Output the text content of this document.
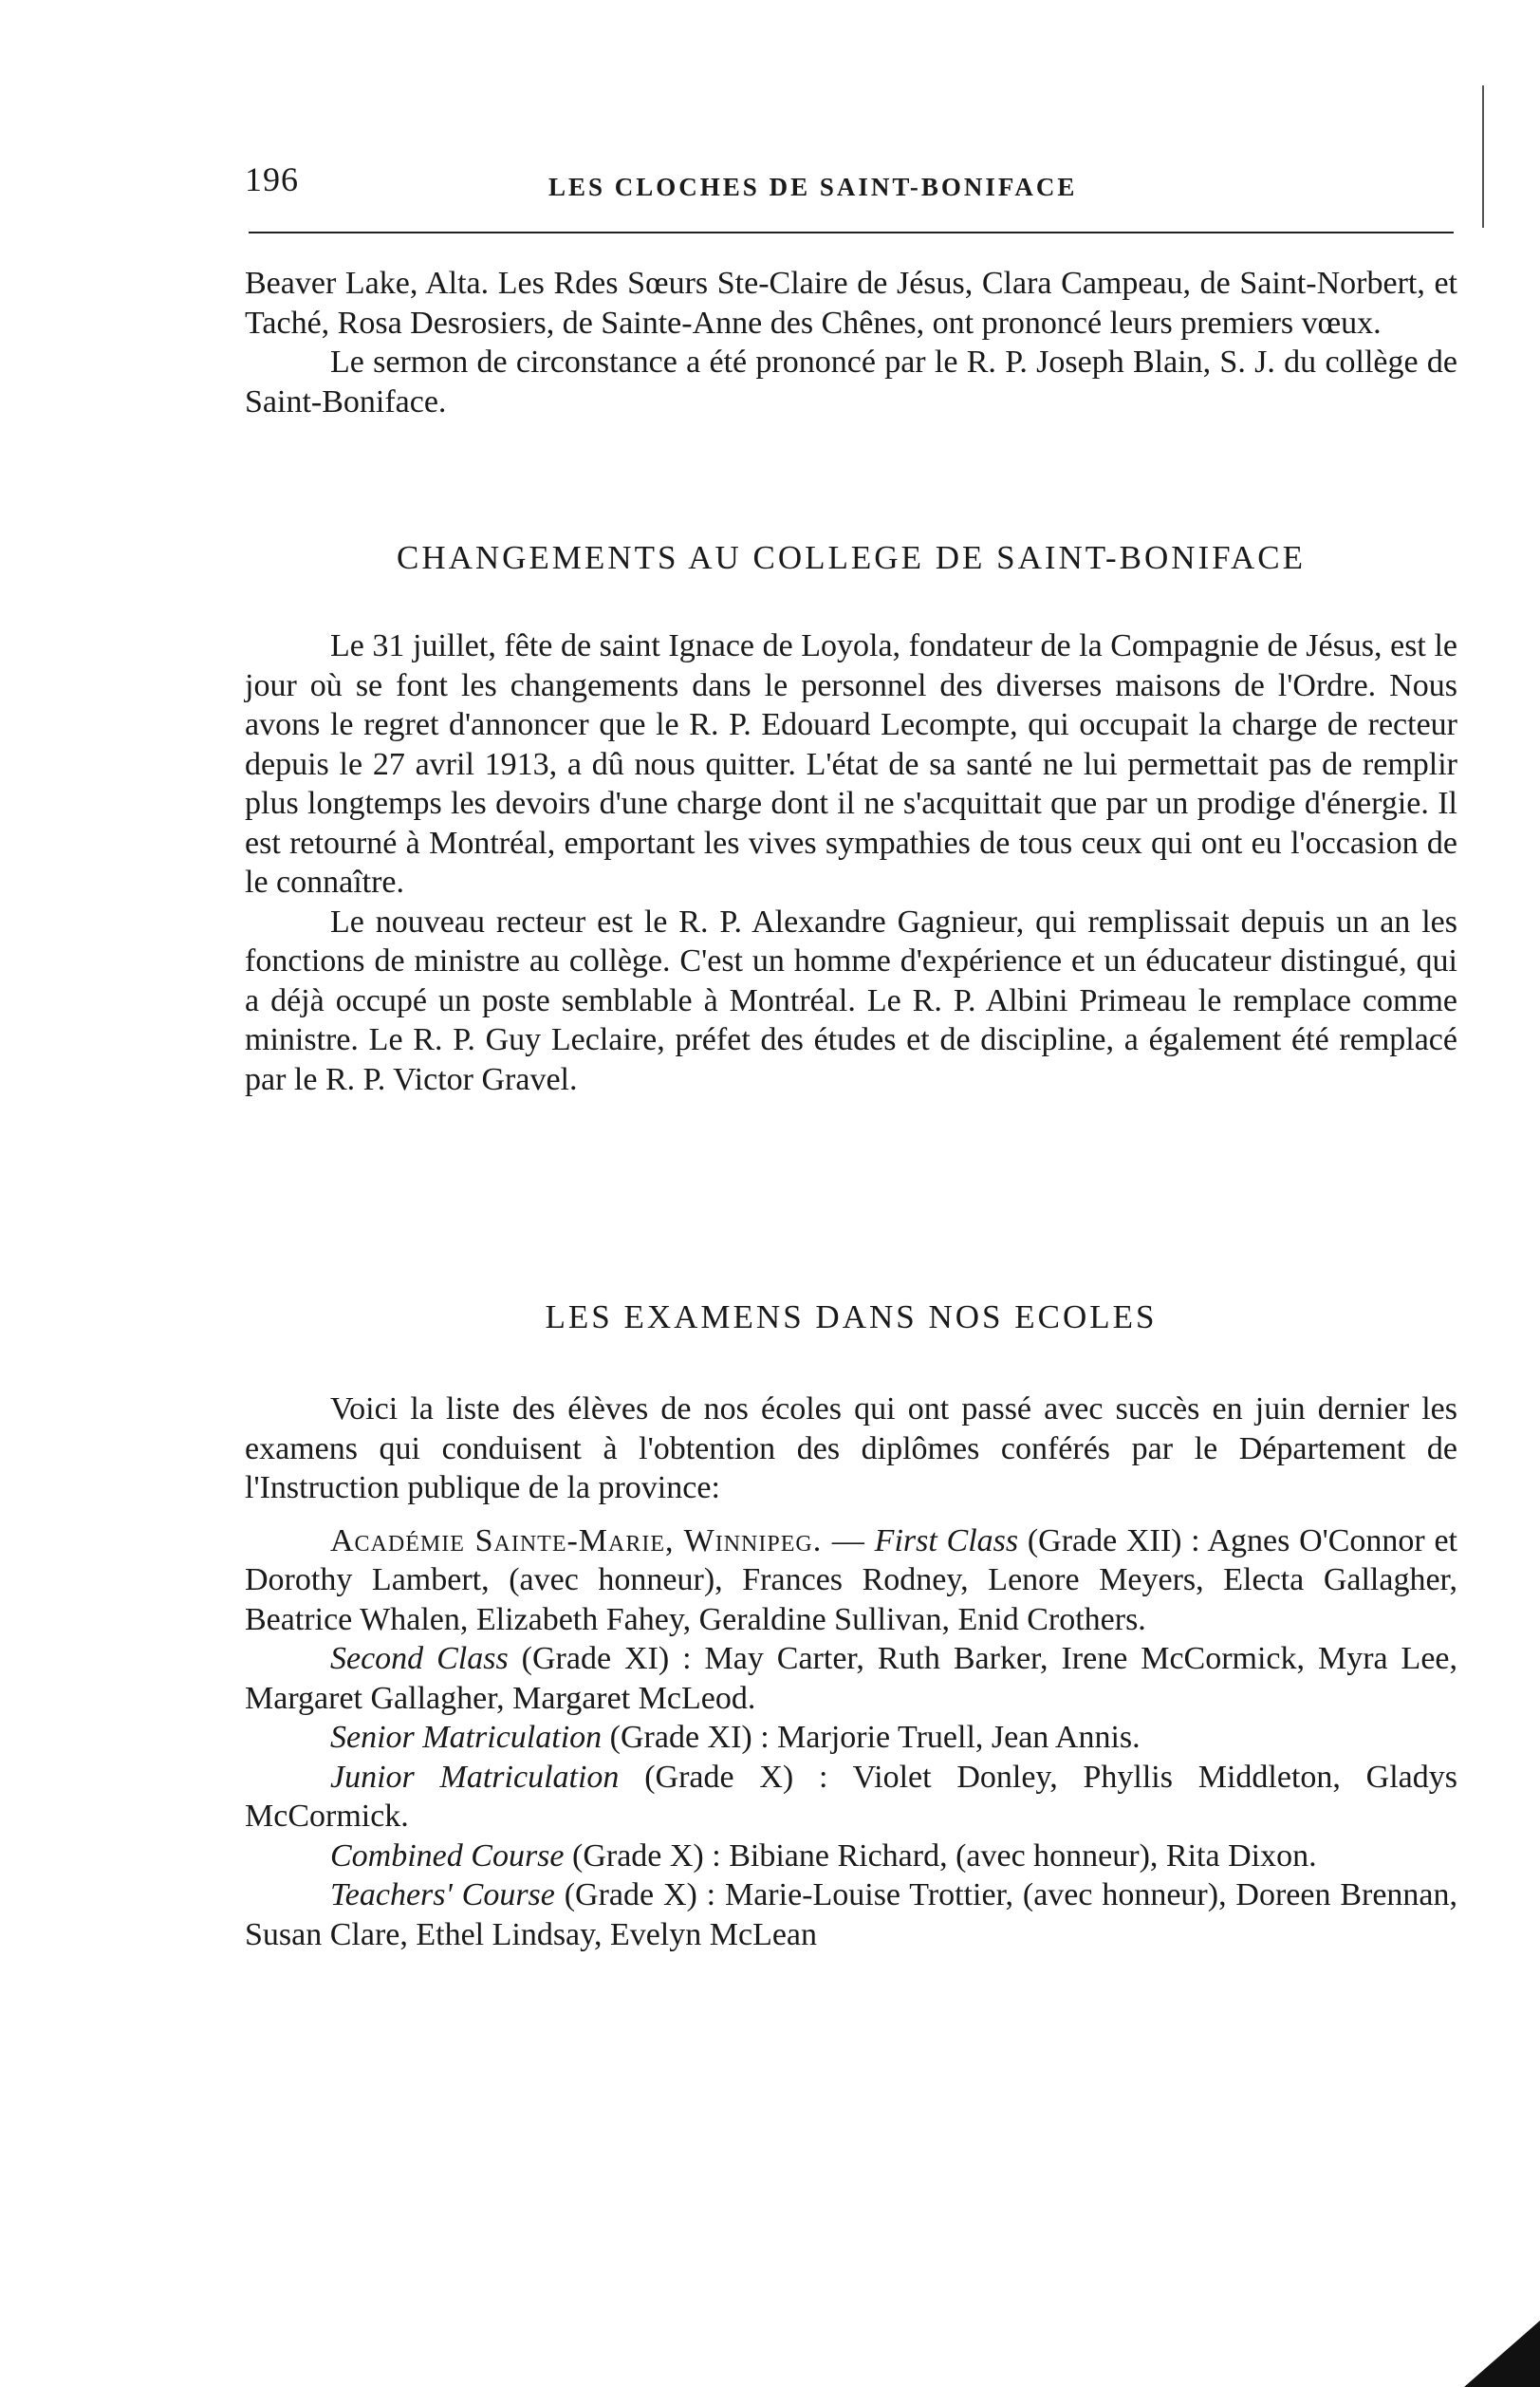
196	LES CLOCHES DE SAINT-BONIFACE

Beaver Lake, Alta. Les Rdes Sœurs Ste-Claire de Jésus, Clara Campeau, de Saint-Norbert, et Taché, Rosa Desrosiers, de Sainte-Anne des Chênes, ont prononcé leurs premiers vœux.

Le sermon de circonstance a été prononcé par le R. P. Joseph Blain, S. J. du collège de Saint-Boniface.

CHANGEMENTS AU COLLEGE DE SAINT-BONIFACE

Le 31 juillet, fête de saint Ignace de Loyola, fondateur de la Compagnie de Jésus, est le jour où se font les changements dans le personnel des diverses maisons de l'Ordre. Nous avons le regret d'annoncer que le R. P. Edouard Lecompte, qui occupait la charge de recteur depuis le 27 avril 1913, a dû nous quitter. L'état de sa santé ne lui permettait pas de remplir plus longtemps les devoirs d'une charge dont il ne s'acquittait que par un prodige d'énergie. Il est retourné à Montréal, emportant les vives sympathies de tous ceux qui ont eu l'occasion de le connaître.

Le nouveau recteur est le R. P. Alexandre Gagnieur, qui remplissait depuis un an les fonctions de ministre au collège. C'est un homme d'expérience et un éducateur distingué, qui a déjà occupé un poste semblable à Montréal. Le R. P. Albini Primeau le remplace comme ministre. Le R. P. Guy Leclaire, préfet des études et de discipline, a également été remplacé par le R. P. Victor Gravel.

LES EXAMENS DANS NOS ECOLES

Voici la liste des élèves de nos écoles qui ont passé avec succès en juin dernier les examens qui conduisent à l'obtention des diplômes conférés par le Département de l'Instruction publique de la province:

Académie Sainte-Marie, Winnipeg. — First Class (Grade XII) : Agnes O'Connor et Dorothy Lambert, (avec honneur), Frances Rodney, Lenore Meyers, Electa Gallagher, Beatrice Whalen, Elizabeth Fahey, Geraldine Sullivan, Enid Crothers.

Second Class (Grade XI) : May Carter, Ruth Barker, Irene McCormick, Myra Lee, Margaret Gallagher, Margaret McLeod.

Senior Matriculation (Grade XI) : Marjorie Truell, Jean Annis.

Junior Matriculation (Grade X) : Violet Donley, Phyllis Middleton, Gladys McCormick.

Combined Course (Grade X) : Bibiane Richard, (avec honneur), Rita Dixon.

Teachers' Course (Grade X) : Marie-Louise Trottier, (avec honneur), Doreen Brennan, Susan Clare, Ethel Lindsay, Evelyn McLean
